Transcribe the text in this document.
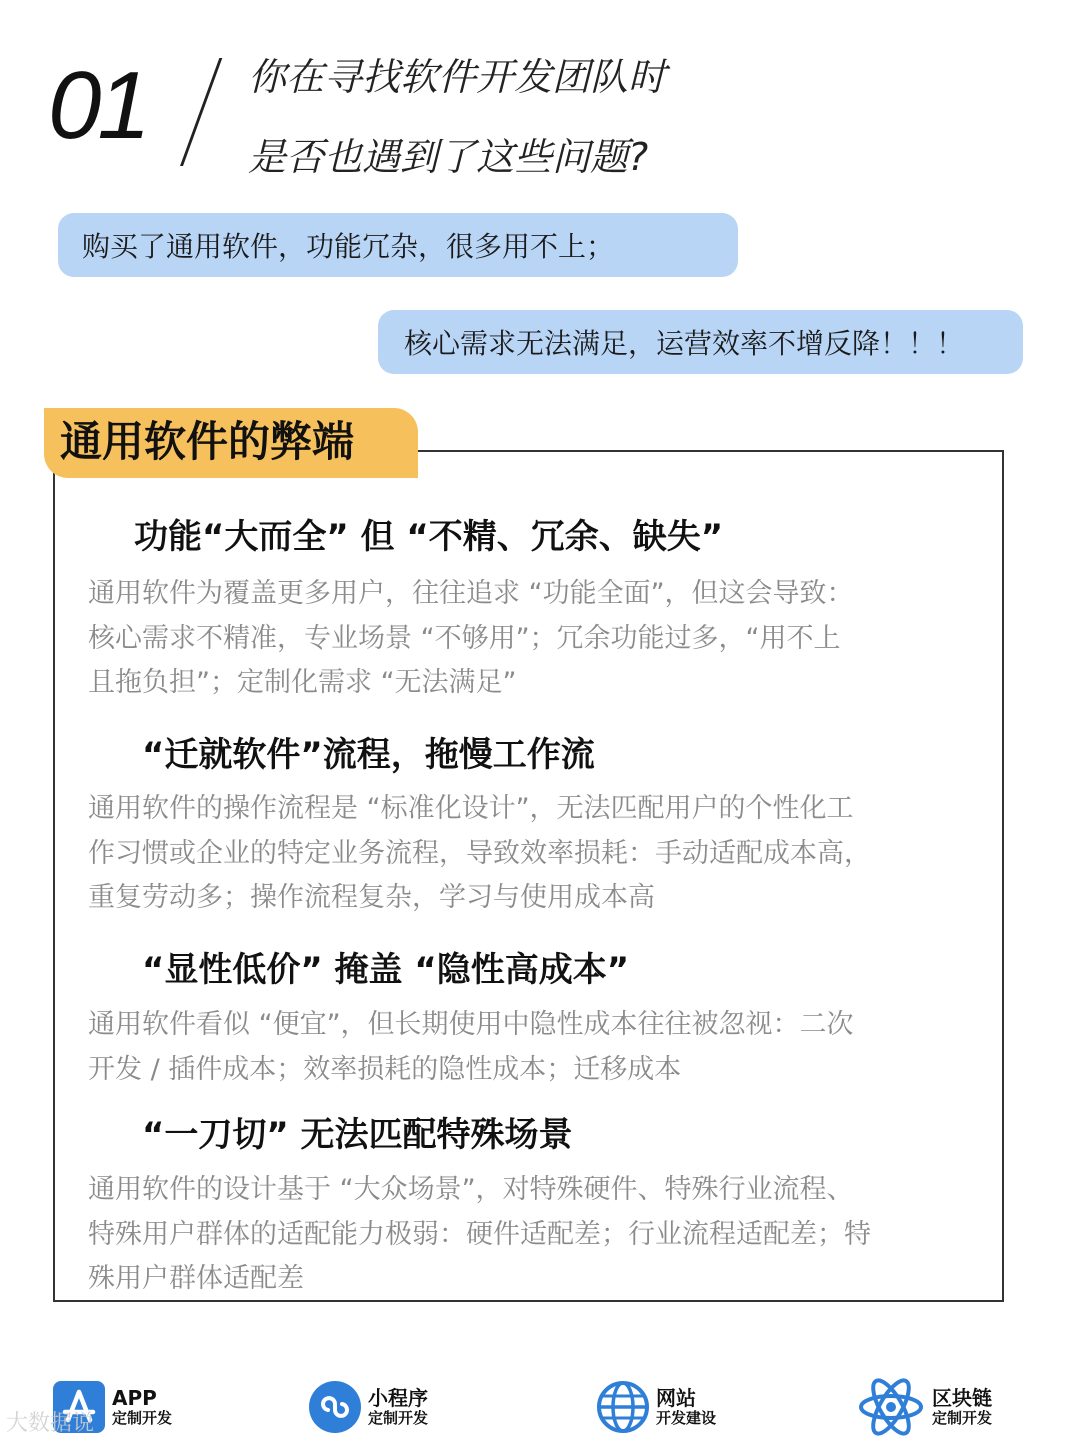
01	你在寻找软件开发团队时
是否也遇到了这些问题?
购买了通用软件，功能冗杂，很多用不上；
核心需求无法满足，运营效率不增反降！！！
通用软件的弊端
功能“大而全” 但 “不精、冗余、缺失”
通用软件为覆盖更多用户，往往追求 “功能全面”，但这会导致：
核心需求不精准，专业场景 “不够用”；冗余功能过多，“用不上
且拖负担”；定制化需求 “无法满足”
“迁就软件”流程，拖慢工作流
通用软件的操作流程是 “标准化设计”，无法匹配用户的个性化工
作习惯或企业的特定业务流程，导致效率损耗：手动适配成本高，
重复劳动多；操作流程复杂，学习与使用成本高
“显性低价” 掩盖 “隐性高成本”
通用软件看似 “便宜”，但长期使用中隐性成本往往被忽视：二次
开发 / 插件成本；效率损耗的隐性成本；迁移成本
“一刀切” 无法匹配特殊场景
通用软件的设计基于 “大众场景”，对特殊硬件、特殊行业流程、
特殊用户群体的适配能力极弱：硬件适配差；行业流程适配差；特
殊用户群体适配差
APP
定制开发
小程序
定制开发
网站
开发建设
区块链
定制开发
大数据说
